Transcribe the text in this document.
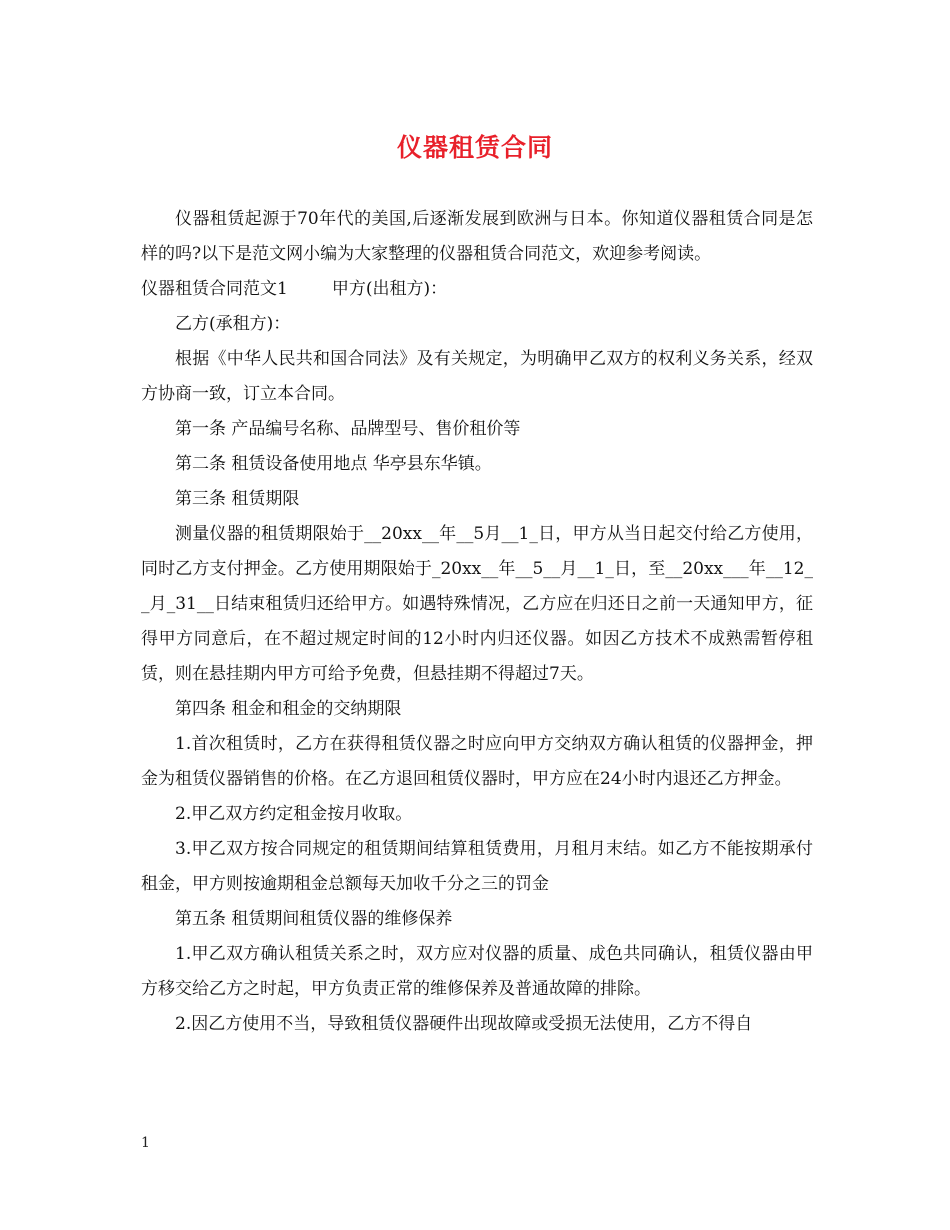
仪器租赁合同

仪器租赁起源于70年代的美国,后逐渐发展到欧洲与日本。你知道仪器租赁合同是怎样的吗?以下是范文网小编为大家整理的仪器租赁合同范文，欢迎参考阅读。

仪器租赁合同范文1	甲方(出租方)：

乙方(承租方)：

根据《中华人民共和国合同法》及有关规定，为明确甲乙双方的权利义务关系，经双方协商一致，订立本合同。

第一条 产品编号名称、品牌型号、售价租价等

第二条 租赁设备使用地点 华亭县东华镇。

第三条 租赁期限

测量仪器的租赁期限始于__20xx__年__5月__1_日，甲方从当日起交付给乙方使用，同时乙方支付押金。乙方使用期限始于_20xx__年__5__月__1_日，至__20xx___年__12__月_31__日结束租赁归还给甲方。如遇特殊情况，乙方应在归还日之前一天通知甲方，征得甲方同意后，在不超过规定时间的12小时内归还仪器。如因乙方技术不成熟需暂停租赁，则在悬挂期内甲方可给予免费，但悬挂期不得超过7天。

第四条 租金和租金的交纳期限

1.首次租赁时，乙方在获得租赁仪器之时应向甲方交纳双方确认租赁的仪器押金，押金为租赁仪器销售的价格。在乙方退回租赁仪器时，甲方应在24小时内退还乙方押金。

2.甲乙双方约定租金按月收取。

3.甲乙双方按合同规定的租赁期间结算租赁费用，月租月末结。如乙方不能按期承付租金，甲方则按逾期租金总额每天加收千分之三的罚金

第五条 租赁期间租赁仪器的维修保养

1.甲乙双方确认租赁关系之时，双方应对仪器的质量、成色共同确认，租赁仪器由甲方移交给乙方之时起，甲方负责正常的维修保养及普通故障的排除。

2.因乙方使用不当，导致租赁仪器硬件出现故障或受损无法使用，乙方不得自

1
